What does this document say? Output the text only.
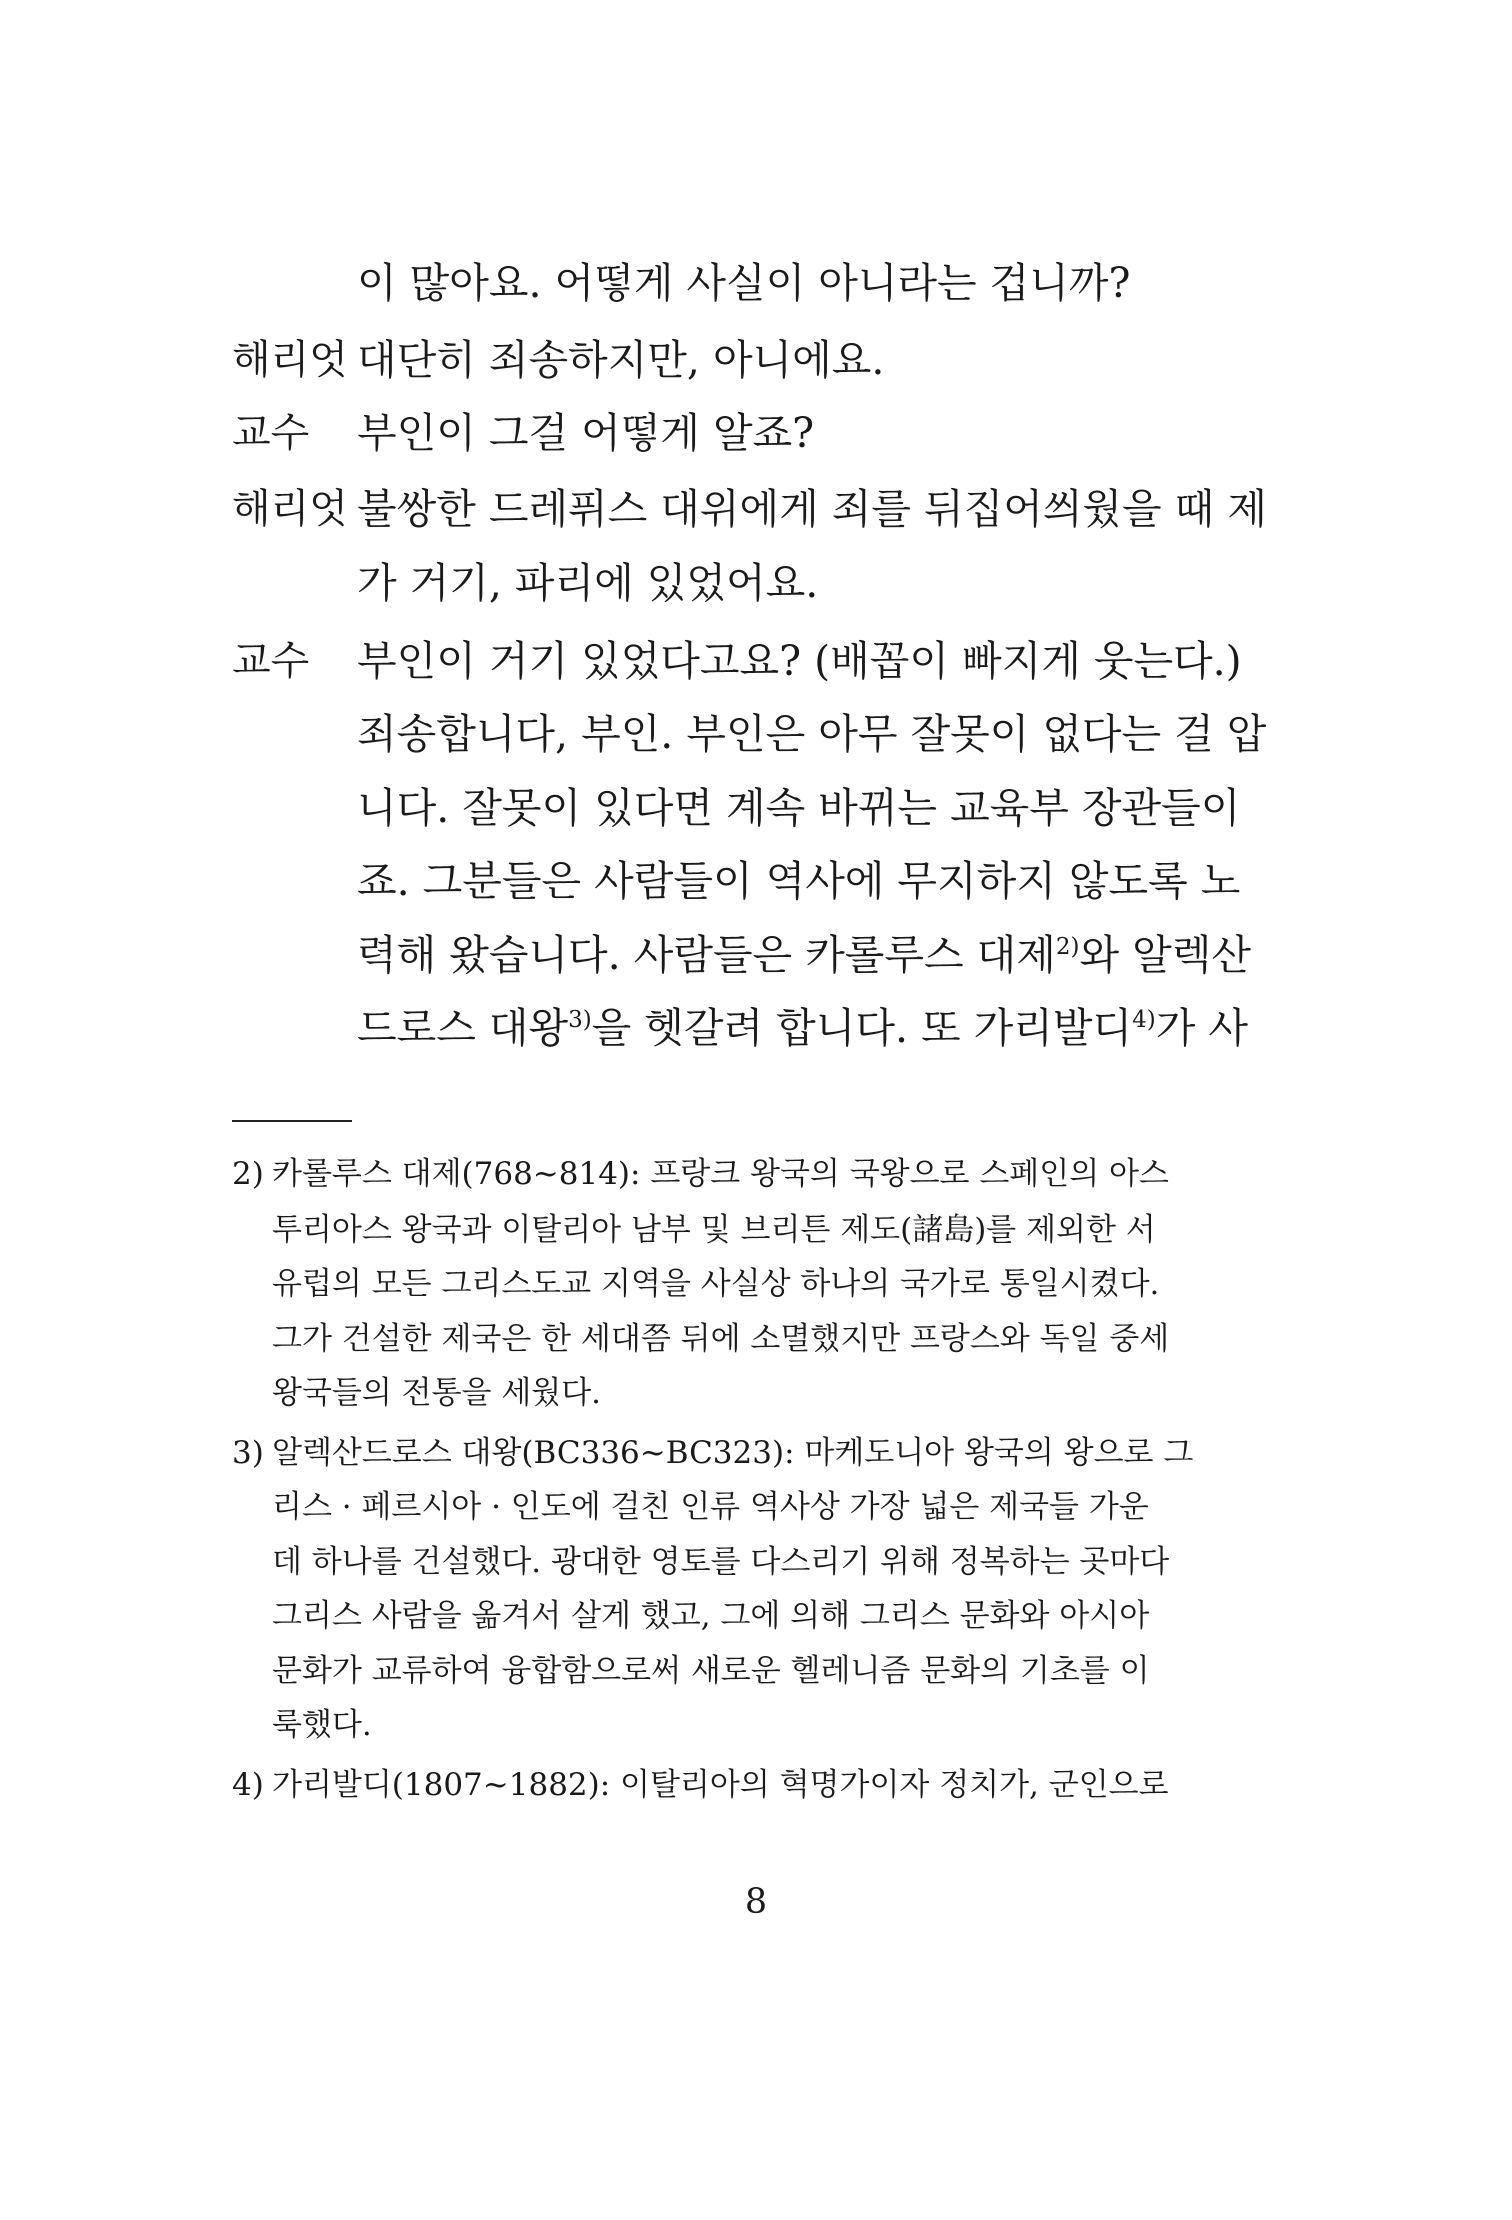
이 많아요. 어떻게 사실이 아니라는 겁니까?
해리엇 대단히 죄송하지만, 아니에요.
교수 부인이 그걸 어떻게 알죠?
해리엇 불쌍한 드레퓌스 대위에게 죄를 뒤집어씌웠을 때 제
가 거기, 파리에 있었어요.
교수 부인이 거기 있었다고요? (배꼽이 빠지게 웃는다.)
죄송합니다, 부인. 부인은 아무 잘못이 없다는 걸 압
니다. 잘못이 있다면 계속 바뀌는 교육부 장관들이
죠. 그분들은 사람들이 역사에 무지하지 않도록 노
력해 왔습니다. 사람들은 카롤루스 대제$^{2)}$와 알렉산
드로스 대왕$^{3)}$을 헷갈려 합니다. 또 가리발디$^{4)}$가 사
2) 카롤루스 대제(768~814): 프랑크 왕국의 국왕으로 스페인의 아스
투리아스 왕국과 이탈리아 남부 및 브리튼 제도(諸島)를 제외한 서
유럽의 모든 그리스도교 지역을 사실상 하나의 국가로 통일시켰다.
그가 건설한 제국은 한 세대쯤 뒤에 소멸했지만 프랑스와 독일 중세
왕국들의 전통을 세웠다.
3) 알렉산드로스 대왕(BC336~BC323): 마케도니아 왕국의 왕으로 그
리스 · 페르시아 · 인도에 걸친 인류 역사상 가장 넓은 제국들 가운
데 하나를 건설했다. 광대한 영토를 다스리기 위해 정복하는 곳마다
그리스 사람을 옮겨서 살게 했고, 그에 의해 그리스 문화와 아시아
문화가 교류하여 융합함으로써 새로운 헬레니즘 문화의 기초를 이
룩했다.
4) 가리발디(1807~1882): 이탈리아의 혁명가이자 정치가, 군인으로
8
